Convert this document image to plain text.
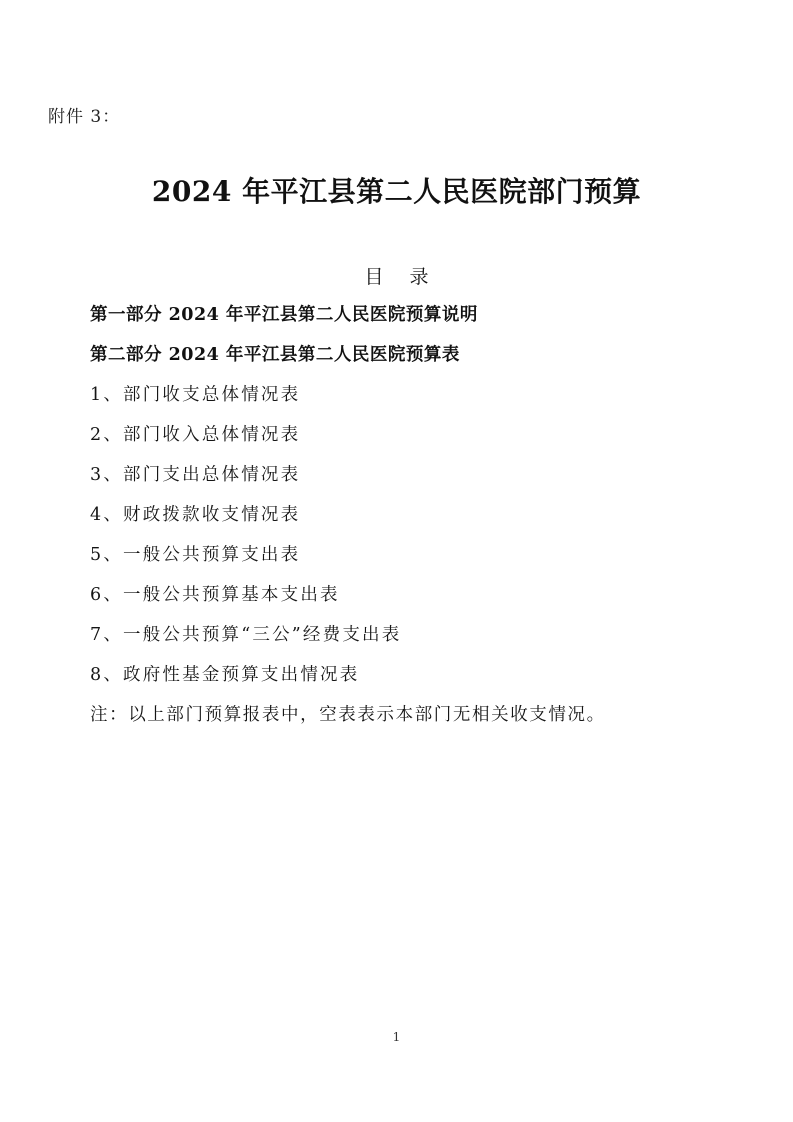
附件 3：
2024 年平江县第二人民医院部门预算
目 录
第一部分 2024 年平江县第二人民医院预算说明
第二部分 2024 年平江县第二人民医院预算表
1、部门收支总体情况表
2、部门收入总体情况表
3、部门支出总体情况表
4、财政拨款收支情况表
5、一般公共预算支出表
6、一般公共预算基本支出表
7、一般公共预算“三公”经费支出表
8、政府性基金预算支出情况表
注：以上部门预算报表中，空表表示本部门无相关收支情况。
1
